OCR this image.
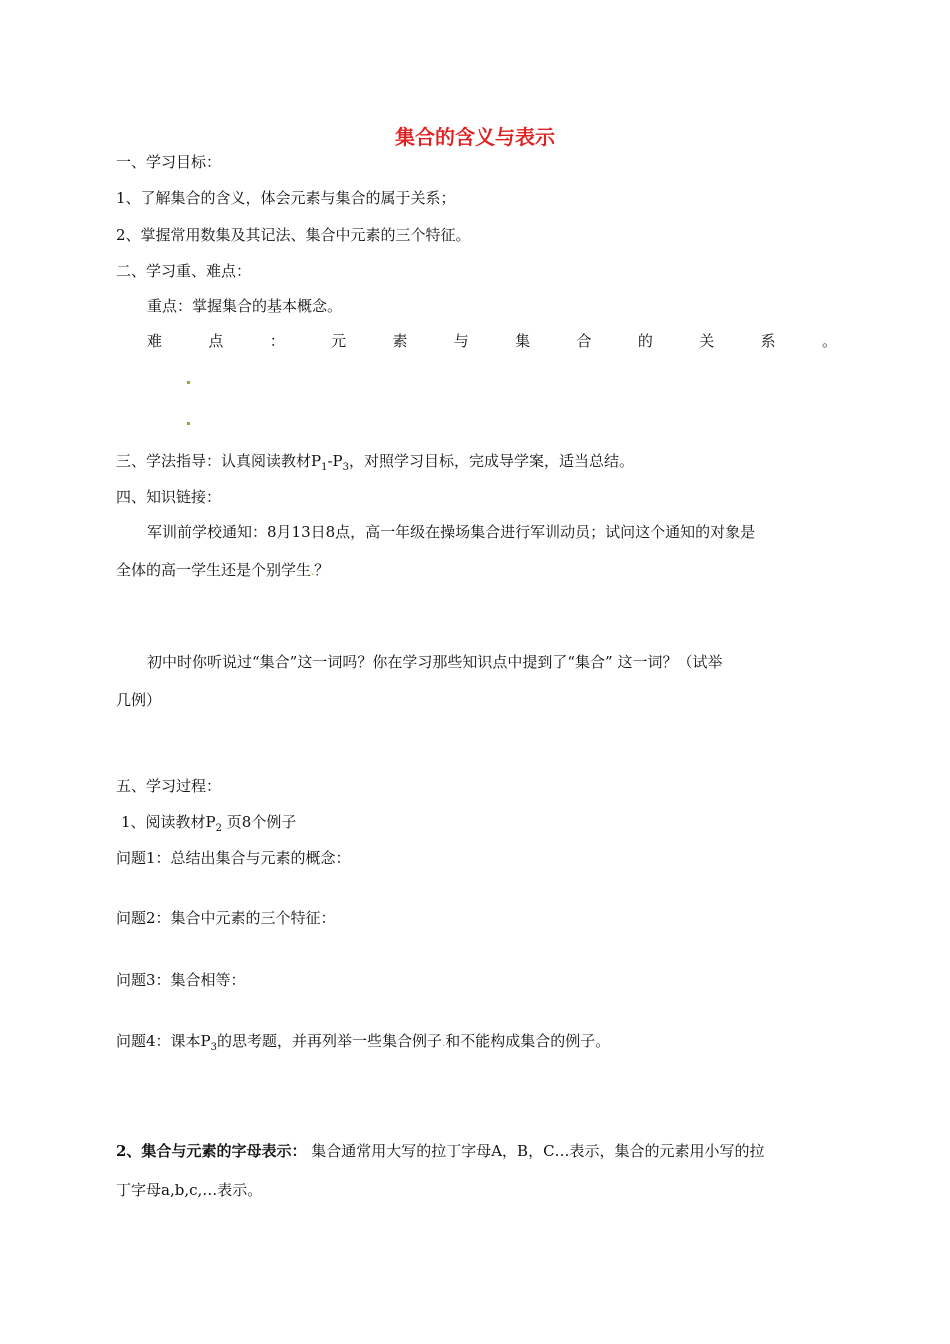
集合的含义与表示
一、学习目标：
1、了解集合的含义，体会元素与集合的属于关系；
2、掌握常用数集及其记法、集合中元素的三个特征。
二、学习重、难点：
重点：掌握集合的基本概念。
难	点	：	元	素	与	集	合	的	关	系	。
三、学法指导：认真阅读教材$P_1-P_3$，对照学习目标，完成导学案，适当总结。
四、知识链接：
军训前学校通知：8月13日8点，高一年级在操场集合进行军训动员；试问这个通知的对象是
全体的高一学生还是个别学生.？
初中时你听说过“集合”这一词吗？你在学习那些知识点中提到了“集合” 这一词？（试举
几例）
五、学习过程：
1、阅读教材$P_2$ 页8个例子
问题1：总结出集合与元素的概念：
问题2：集合中元素的三个特征：
问题3：集合相等：
问题4：课本$P_3$的思考题，并再列举一些集合例子.和不能构成集合的例子。
2、集合与元素的字母表示： 集合通常用大写的拉丁字母A，B，C…表示，集合的元素用小写的拉
丁字母a,b,c,…表示。
